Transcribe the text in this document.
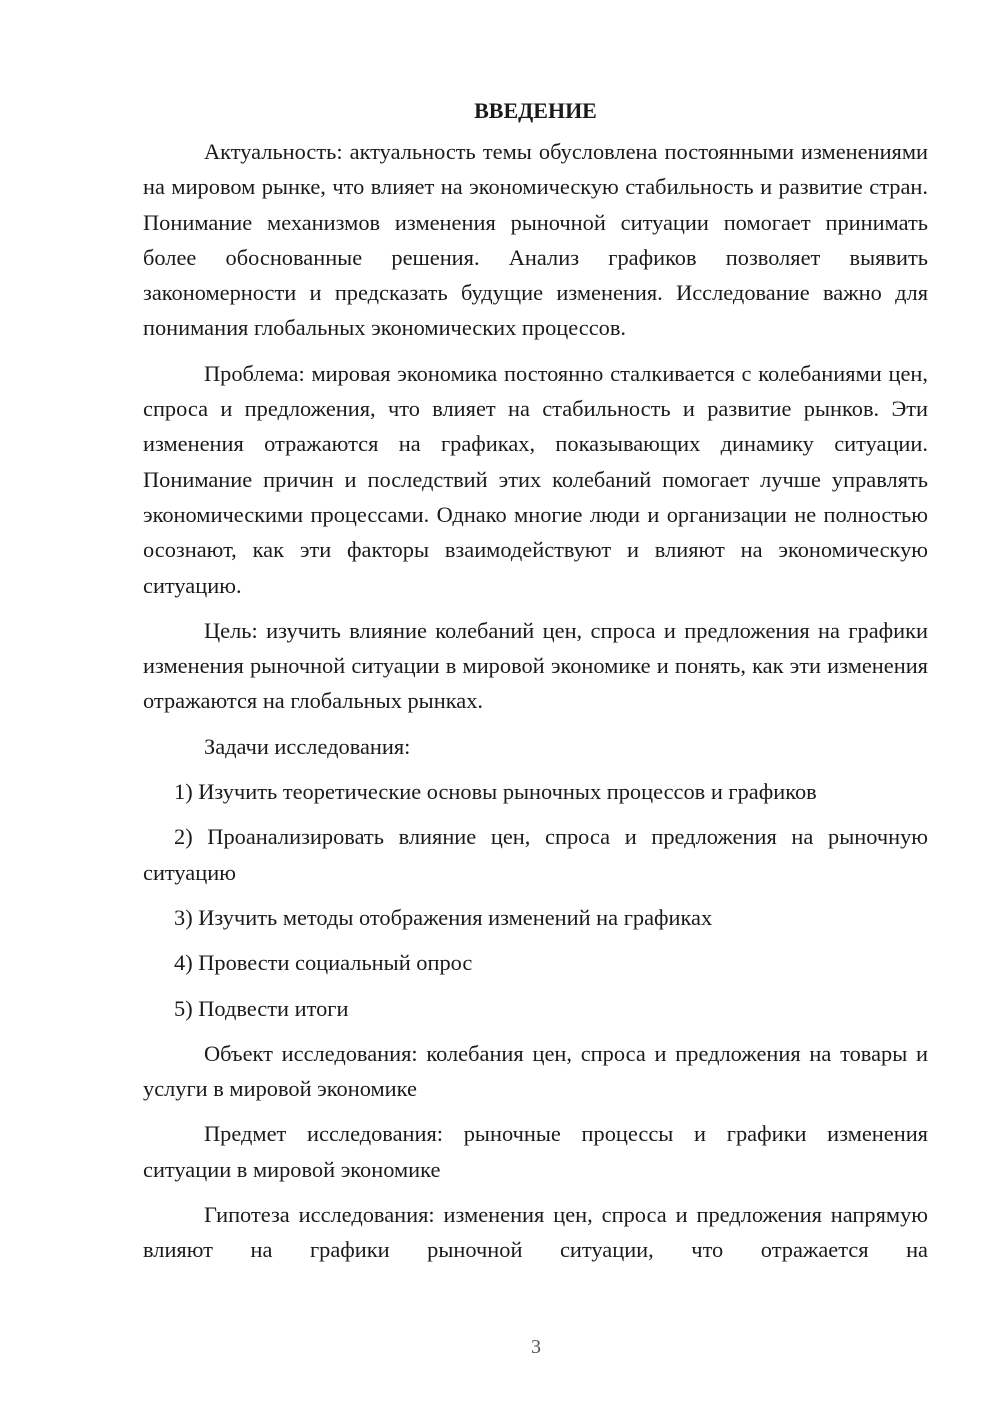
ВВЕДЕНИЕ

Актуальность: актуальность темы обусловлена постоянными изменениями на мировом рынке, что влияет на экономическую стабильность и развитие стран. Понимание механизмов изменения рыночной ситуации помогает принимать более обоснованные решения. Анализ графиков позволяет выявить закономерности и предсказать будущие изменения. Исследование важно для понимания глобальных экономических процессов.

Проблема: мировая экономика постоянно сталкивается с колебаниями цен, спроса и предложения, что влияет на стабильность и развитие рынков. Эти изменения отражаются на графиках, показывающих динамику ситуации. Понимание причин и последствий этих колебаний помогает лучше управлять экономическими процессами. Однако многие люди и организации не полностью осознают, как эти факторы взаимодействуют и влияют на экономическую ситуацию.

Цель: изучить влияние колебаний цен, спроса и предложения на графики изменения рыночной ситуации в мировой экономике и понять, как эти изменения отражаются на глобальных рынках.

Задачи исследования:

1) Изучить теоретические основы рыночных процессов и графиков

2) Проанализировать влияние цен, спроса и предложения на рыночную ситуацию

3) Изучить методы отображения изменений на графиках

4) Провести социальный опрос

5) Подвести итоги

Объект исследования: колебания цен, спроса и предложения на товары и услуги в мировой экономике

Предмет исследования: рыночные процессы и графики изменения ситуации в мировой экономике

Гипотеза исследования: изменения цен, спроса и предложения напрямую влияют на графики рыночной ситуации, что отражается на

3
